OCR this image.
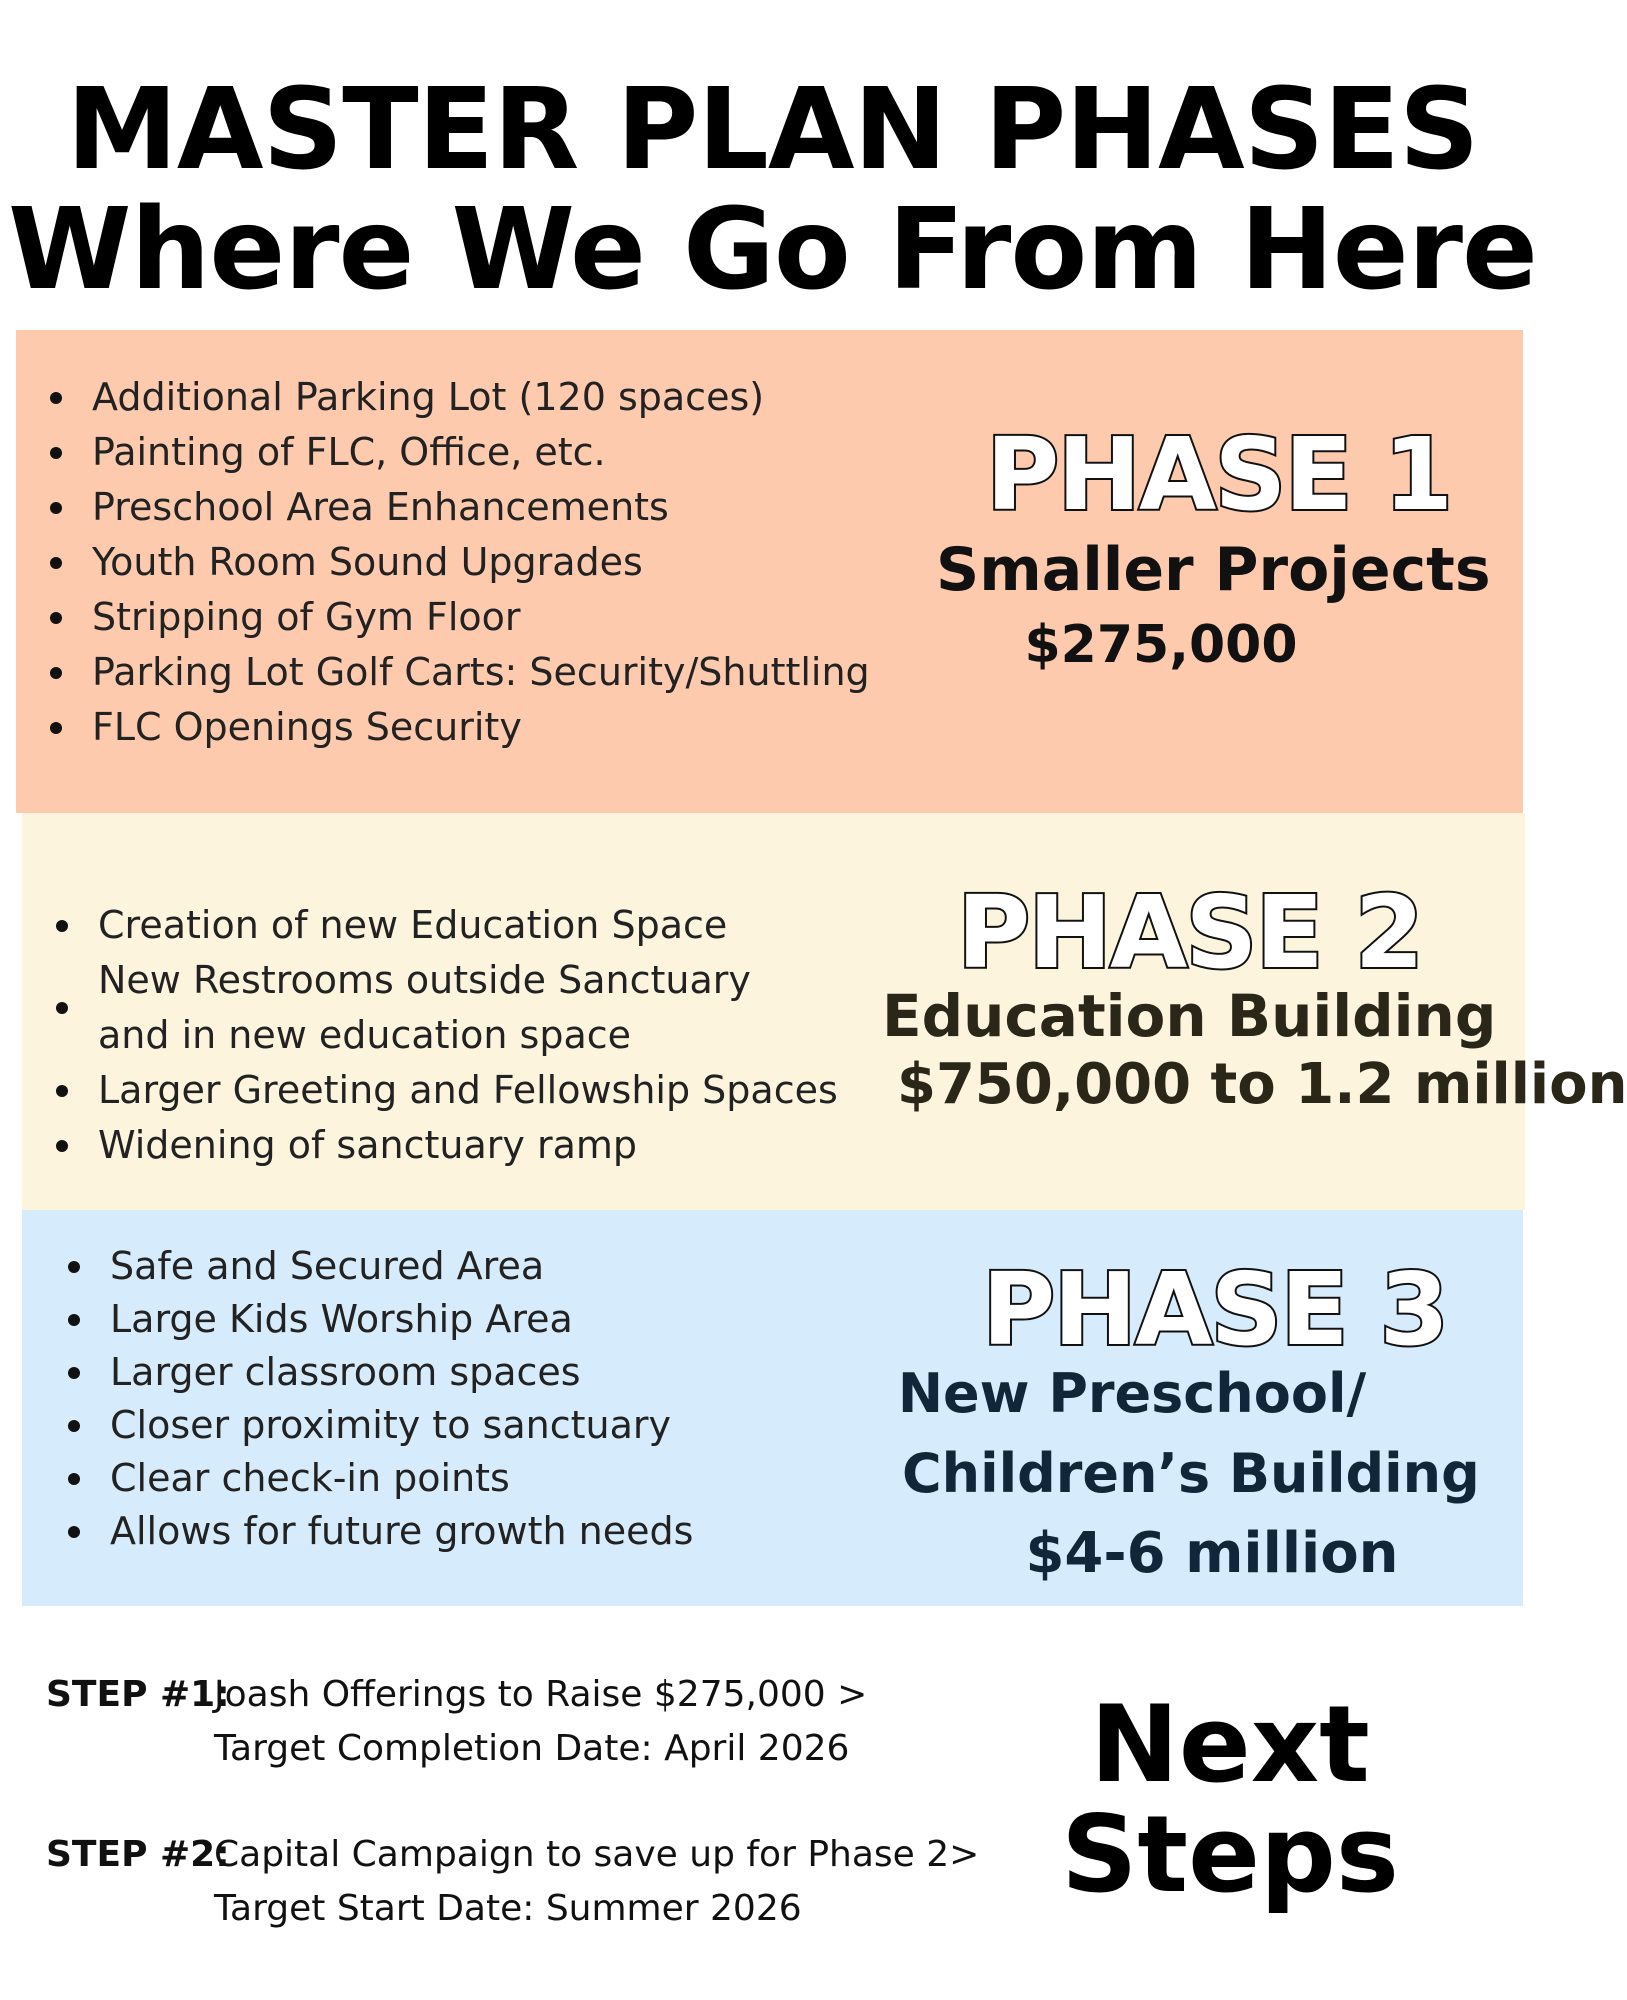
MASTER PLAN PHASES
Where We Go From Here
Additional Parking Lot (120 spaces)
Painting of FLC, Office, etc.
Preschool Area Enhancements
Youth Room Sound Upgrades
Stripping of Gym Floor
Parking Lot Golf Carts: Security/Shuttling
FLC Openings Security
PHASE 1
Smaller Projects
$275,000
Creation of new Education Space
New Restrooms outside Sanctuary
and in new education space
Larger Greeting and Fellowship Spaces
Widening of sanctuary ramp
PHASE 2
Education Building
$750,000 to 1.2 million
Safe and Secured Area
Large Kids Worship Area
Larger classroom spaces
Closer proximity to sanctuary
Clear check-in points
Allows for future growth needs
PHASE 3
New Preschool/
Children’s Building
$4-6 million
STEP #1:
Joash Offerings to Raise $275,000 >
Target Completion Date: April 2026
STEP #2:
Capital Campaign to save up for Phase 2>
Target Start Date: Summer 2026
Next
Steps
